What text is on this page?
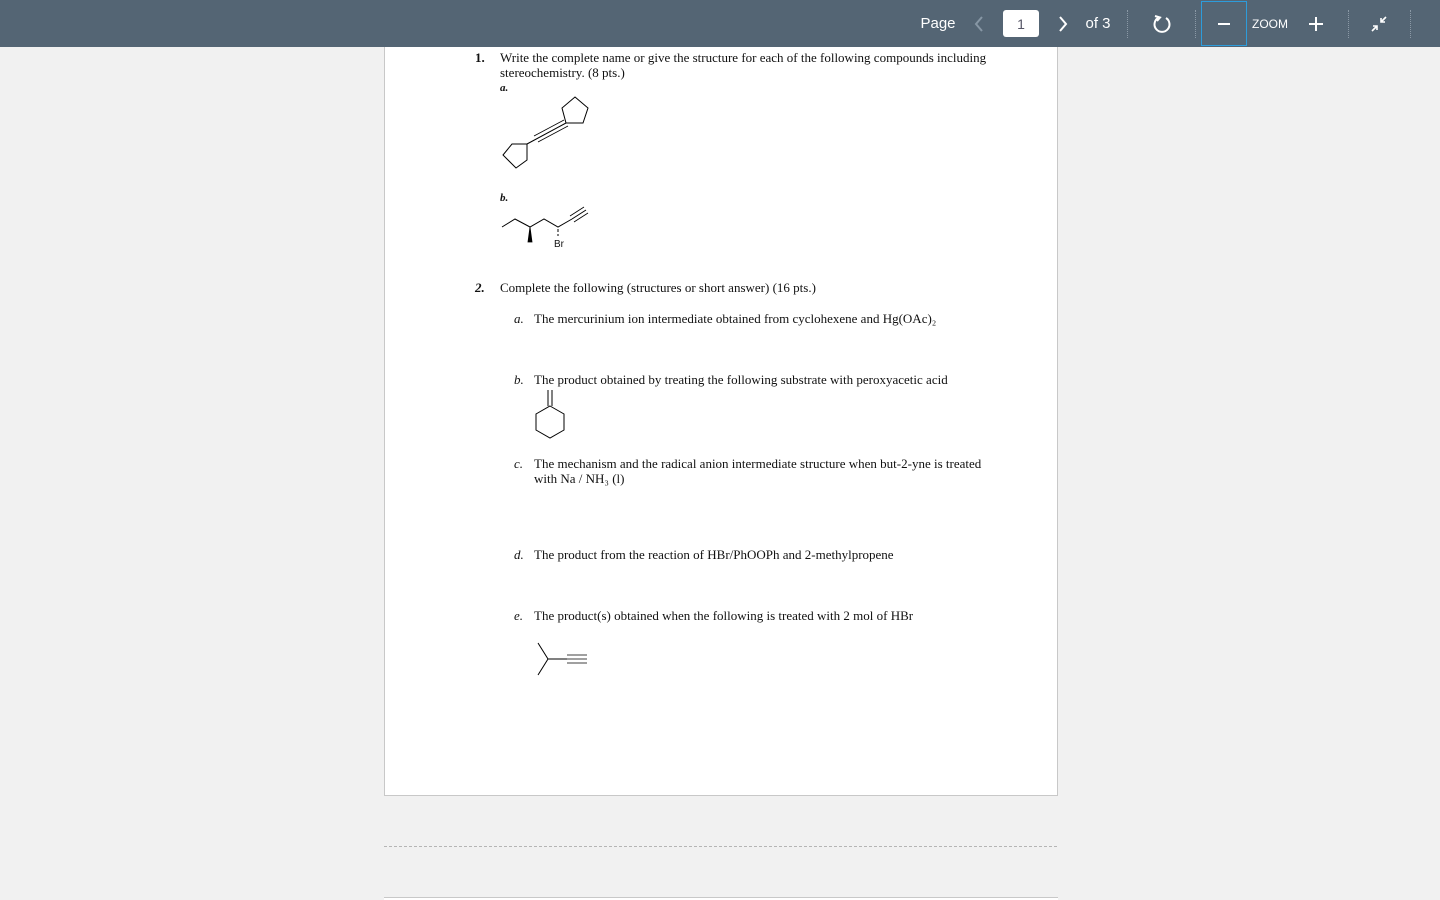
Page
1	of 3	ZOOM
1. Write the complete name or give the structure for each of the following compounds including
stereochemistry. (8 pts.)
a.
b.
Br
2. Complete the following (structures or short answer) (16 pts.)
a. The mercurinium ion intermediate obtained from cyclohexene and Hg(OAc)₂
b. The product obtained by treating the following substrate with peroxyacetic acid
c. The mechanism and the radical anion intermediate structure when but-2-yne is treated
with Na / NH₃ (l)
d. The product from the reaction of HBr/PhOOPh and 2-methylpropene
e. The product(s) obtained when the following is treated with 2 mol of HBr
